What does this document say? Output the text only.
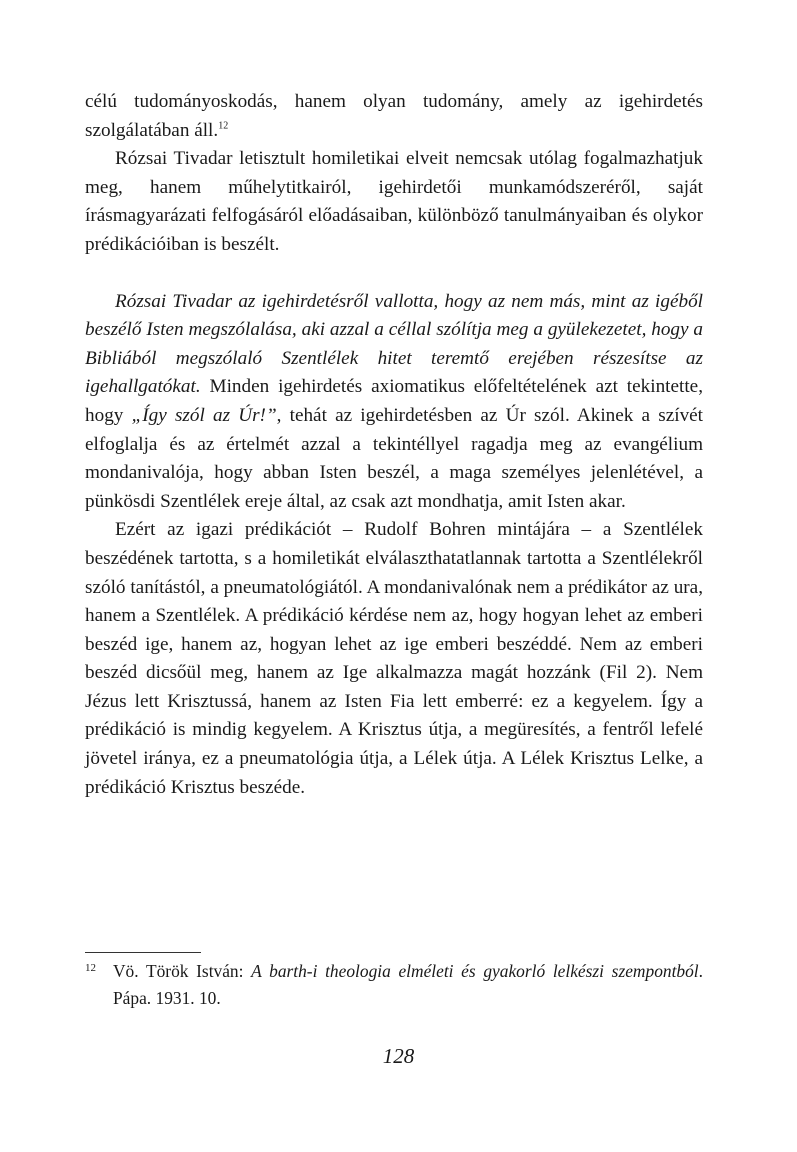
célú tudományoskodás, hanem olyan tudomány, amely az igehirdetés szolgálatában áll.$^{12}$

Rózsai Tivadar letisztult homiletikai elveit nemcsak utólag fogalmazhatjuk meg, hanem műhelytitkairól, igehirdetői munkamódszeréről, saját írásmagyarázati felfogásáról előadásaiban, különböző tanulmányaiban és olykor prédikációiban is beszélt.

Rózsai Tivadar az igehirdetésről vallotta, hogy az nem más, mint az igéből beszélő Isten megszólalása, aki azzal a céllal szólítja meg a gyülekezetet, hogy a Bibliából megszólaló Szentlélek hitet teremtő erejében részesítse az igehallgatókat. Minden igehirdetés axiomatikus előfeltételének azt tekintette, hogy „Így szól az Úr!”, tehát az igehirdetésben az Úr szól. Akinek a szívét elfoglalja és az értelmét azzal a tekintéllyel ragadja meg az evangélium mondanivalója, hogy abban Isten beszél, a maga személyes jelenlétével, a pünkösdi Szentlélek ereje által, az csak azt mondhatja, amit Isten akar.

Ezért az igazi prédikációt – Rudolf Bohren mintájára – a Szentlélek beszédének tartotta, s a homiletikát elválaszthatatlannak tartotta a Szentlélekről szóló tanítástól, a pneumatológiától. A mondanivalónak nem a prédikátor az ura, hanem a Szentlélek. A prédikáció kérdése nem az, hogy hogyan lehet az emberi beszéd ige, hanem az, hogyan lehet az ige emberi beszéddé. Nem az emberi beszéd dicsőül meg, hanem az Ige alkalmazza magát hozzánk (Fil 2). Nem Jézus lett Krisztussá, hanem az Isten Fia lett emberré: ez a kegyelem. Így a prédikáció is mindig kegyelem. A Krisztus útja, a megüresítés, a fentről lefelé jövetel iránya, ez a pneumatológia útja, a Lélek útja. A Lélek Krisztus Lelke, a prédikáció Krisztus beszéde.

12 Vö. Török István: A barth-i theologia elméleti és gyakorló lelkészi szempontból. Pápa. 1931. 10.
128
